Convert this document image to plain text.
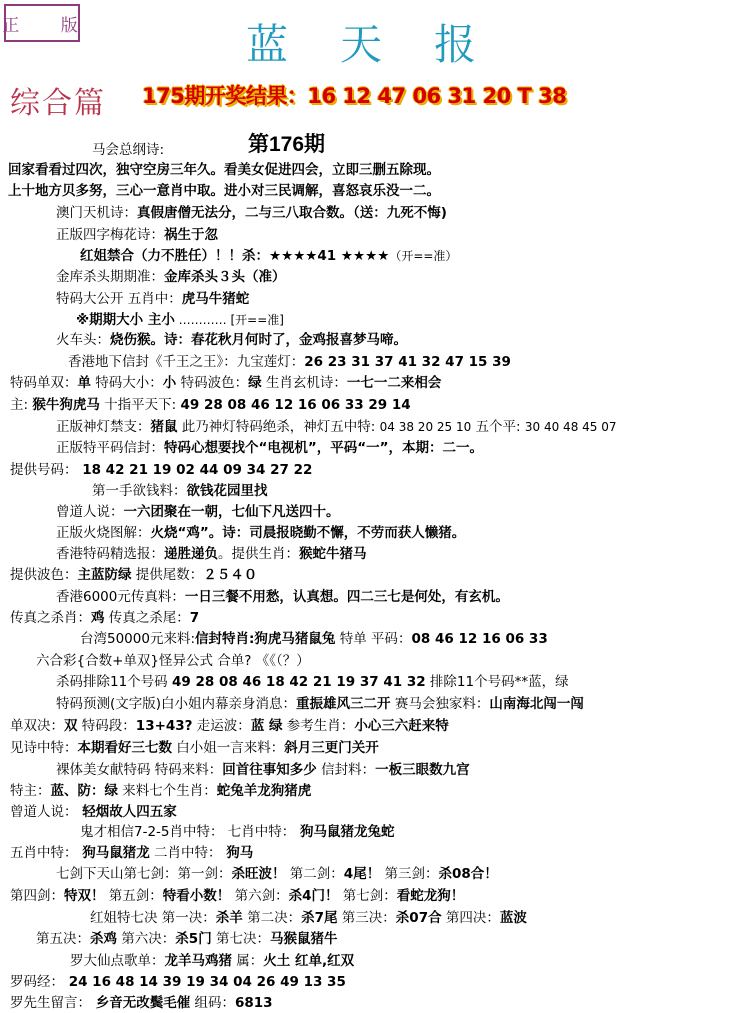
正 版	蓝天报
综合篇 175期开奖结果：16 12 47 06 31 20 T 38
第176期
马会总纲诗:
回家看看过四次，独守空房三年久。看美女促进四会，立即三删五除现。
上十地方贝多努，三心一意肖中取。进小对三民调解，喜怒哀乐没一二。
澳门天机诗：真假唐僧无法分，二与三八取合数。（送：九死不悔)
正版四字梅花诗：祸生于忽
红姐禁合（力不胜任）！！杀：★★★★41 ★★★★（开==准）
金库杀头期期准：金库杀头３头（准）
特码大公开 五肖中：虎马牛猪蛇
※期期大小 主小 ………… [开==准]
火车头：烧伤猴。诗：春花秋月何时了，金鸡报喜梦马啼。
香港地下信封《千王之王》：九宝莲灯：26 23 31 37 41 32 47 15 39
特码单双：单 特码大小：小 特码波色：绿 生肖玄机诗：一七一二来相会
主: 猴牛狗虎马 十指平天下: 49 28 08 46 12 16 06 33 29 14
正版神灯禁支：猪鼠 此乃神灯特码绝杀，神灯五中特: 04 38 20 25 10 五个平: 30 40 48 45 07
正版特平码信封：特码心想要找个“电视机”，平码“一”，本期：二一。
提供号码： 18 42 21 19 02 44 09 34 27 22
第一手欲钱料：欲钱花园里找
曾道人说：一六团聚在一朝，七仙下凡送四十。
正版火烧图解：火烧“鸡”。诗：司晨报晓勤不懈，不劳而获人懒猪。
香港特码精选报：递胜递负。提供生肖：猴蛇牛猪马
提供波色：主蓝防绿 提供尾数：２５４０
香港6000元传真料：一日三餐不用愁，认真想。四二三七是何处，有玄机。
传真之杀肖：鸡 传真之杀尾：7
台湾50000元来料:信封特肖:狗虎马猪鼠兔 特单 平码：08 46 12 16 06 33
六合彩{合数+单双}怪异公式 合单? 《《（？）
杀码排除11个号码 49 28 08 46 18 42 21 19 37 41 32 排除11个号码**蓝，绿
特码预测(文字版)白小姐内幕亲身消息：重振雄风三二开 赛马会独家料：山南海北闯一闯
单双决：双 特码段：13+43? 走运波：蓝 绿 参考生肖：小心三六赶来特
见诗中特：本期看好三七数 白小姐一言来料：斜月三更门关开
裸体美女献特码 特码来料：回首往事知多少 信封料：一板三眼数九宫
特主：蓝、防：绿 来料七个生肖：蛇兔羊龙狗猪虎
曾道人说： 轻烟故人四五家
鬼才相信7-2-5肖中特： 七肖中特： 狗马鼠猪龙兔蛇
五肖中特： 狗马鼠猪龙 二肖中特： 狗马
七剑下天山第七剑：第一剑：杀旺波！ 第二剑：4尾！ 第三剑：杀08合！
第四剑：特双！ 第五剑：特看小数！ 第六剑：杀4门！ 第七剑：看蛇龙狗！
红姐特七决 第一决：杀羊 第二决：杀7尾 第三决：杀07合 第四决：蓝波
第五决：杀鸡 第六决：杀5门 第七决：马猴鼠猪牛
罗大仙点歌单：龙羊马鸡猪 属：火土 红单,红双
罗码经： 24 16 48 14 39 19 34 04 26 49 13 35
罗先生留言： 乡音无改鬓毛催 组码：6813
